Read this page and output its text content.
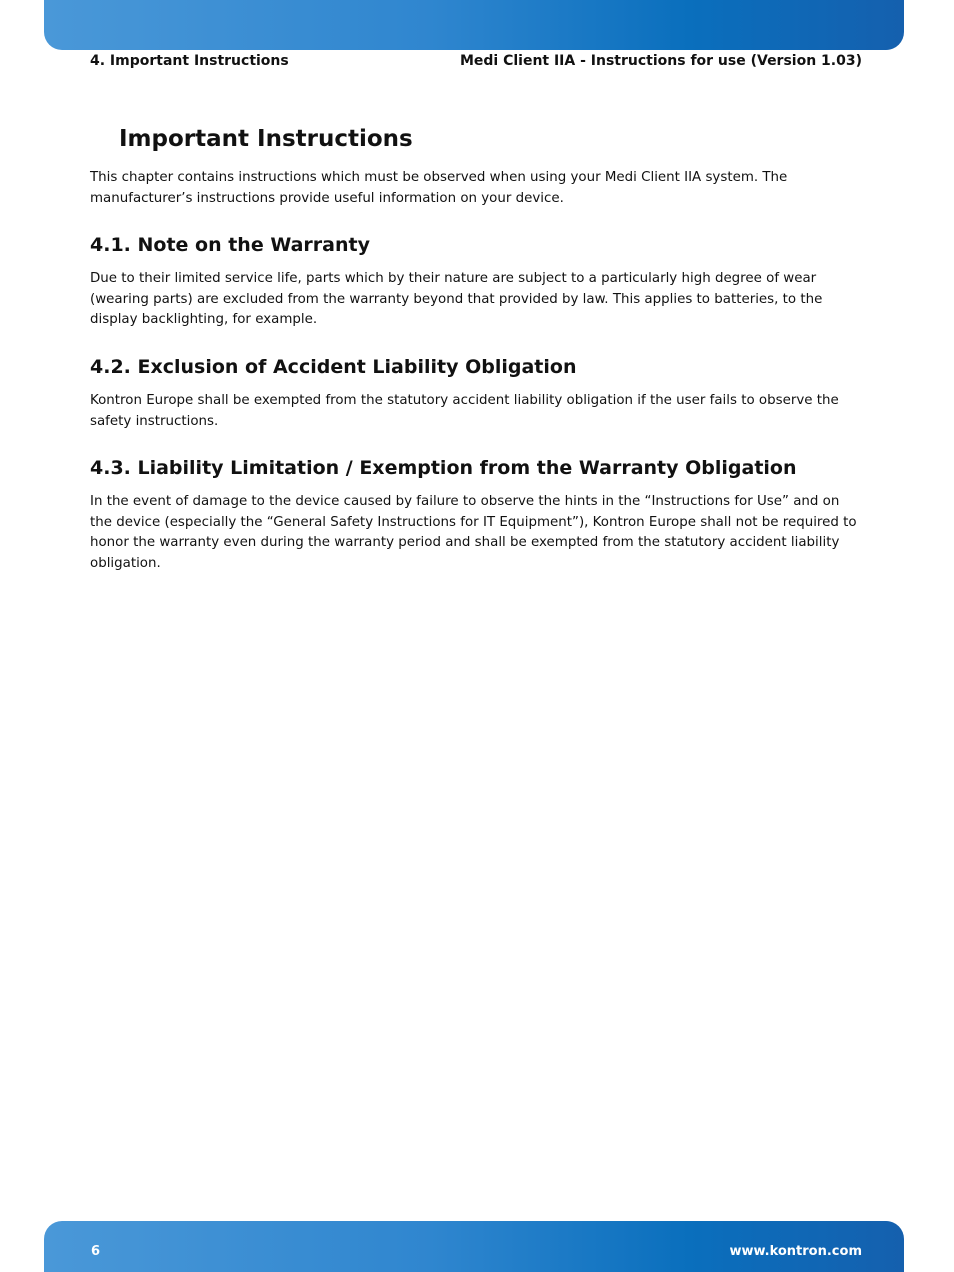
4. Important Instructions	Medi Client IIA - Instructions for use (Version 1.03)
Important Instructions

This chapter contains instructions which must be observed when using your Medi Client IIA system. The manufacturer’s instructions provide useful information on your device.

4.1. Note on the Warranty

Due to their limited service life, parts which by their nature are subject to a particularly high degree of wear (wearing parts) are excluded from the warranty beyond that provided by law. This applies to batteries, to the display backlighting, for example.

4.2. Exclusion of Accident Liability Obligation

Kontron Europe shall be exempted from the statutory accident liability obligation if the user fails to observe the safety instructions.

4.3. Liability Limitation / Exemption from the Warranty Obligation

In the event of damage to the device caused by failure to observe the hints in the “Instructions for Use” and on the device (especially the “General Safety Instructions for IT Equipment”), Kontron Europe shall not be required to honor the warranty even during the warranty period and shall be exempted from the statutory accident liability obligation.

6	www.kontron.com
